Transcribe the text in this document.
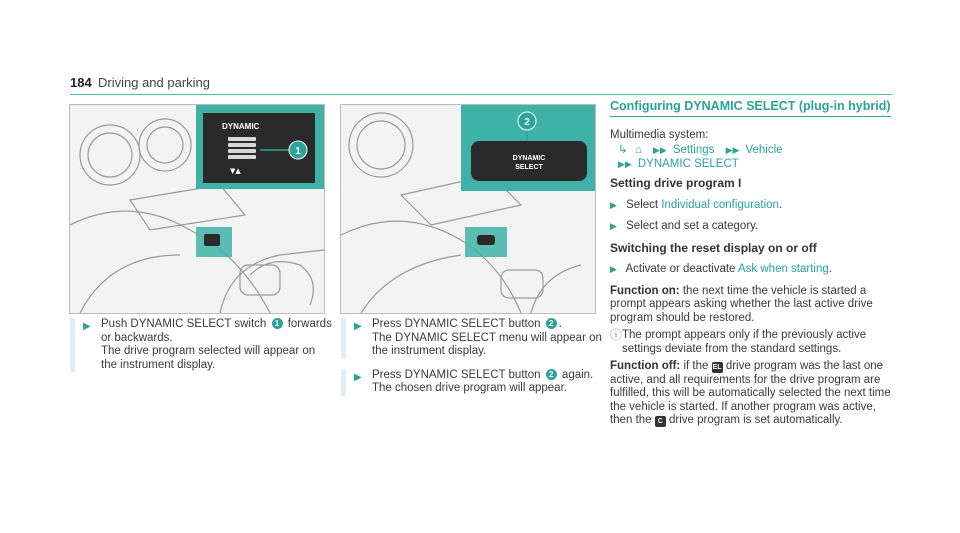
184 Driving and parking
DYNAMIC
▼▲
1
DYNAMIC
SELECT
2
▶ Push DYNAMIC SELECT switch 1 forwards or backwards.
The drive program selected will appear on the instrument display.
▶ Press DYNAMIC SELECT button 2 .
The DYNAMIC SELECT menu will appear on the instrument display.
▶ Press DYNAMIC SELECT button 2 again.
The chosen drive program will appear.
Configuring DYNAMIC SELECT (plug-in hybrid)
Multimedia system:
↳ ⌂ ▶▶ Settings ▶▶ Vehicle
▶▶ DYNAMIC SELECT
Setting drive program I
▶ Select Individual configuration.
▶ Select and set a category.
Switching the reset display on or off
▶ Activate or deactivate Ask when starting.
Function on: the next time the vehicle is started a prompt appears asking whether the last active drive program should be restored.
ⓘ The prompt appears only if the previously active settings deviate from the standard settings.
Function off: if the EL drive program was the last one active, and all requirements for the drive program are fulfilled, this will be automatically selected the next time the vehicle is started. If another program was active, then the C drive program is set automatically.
